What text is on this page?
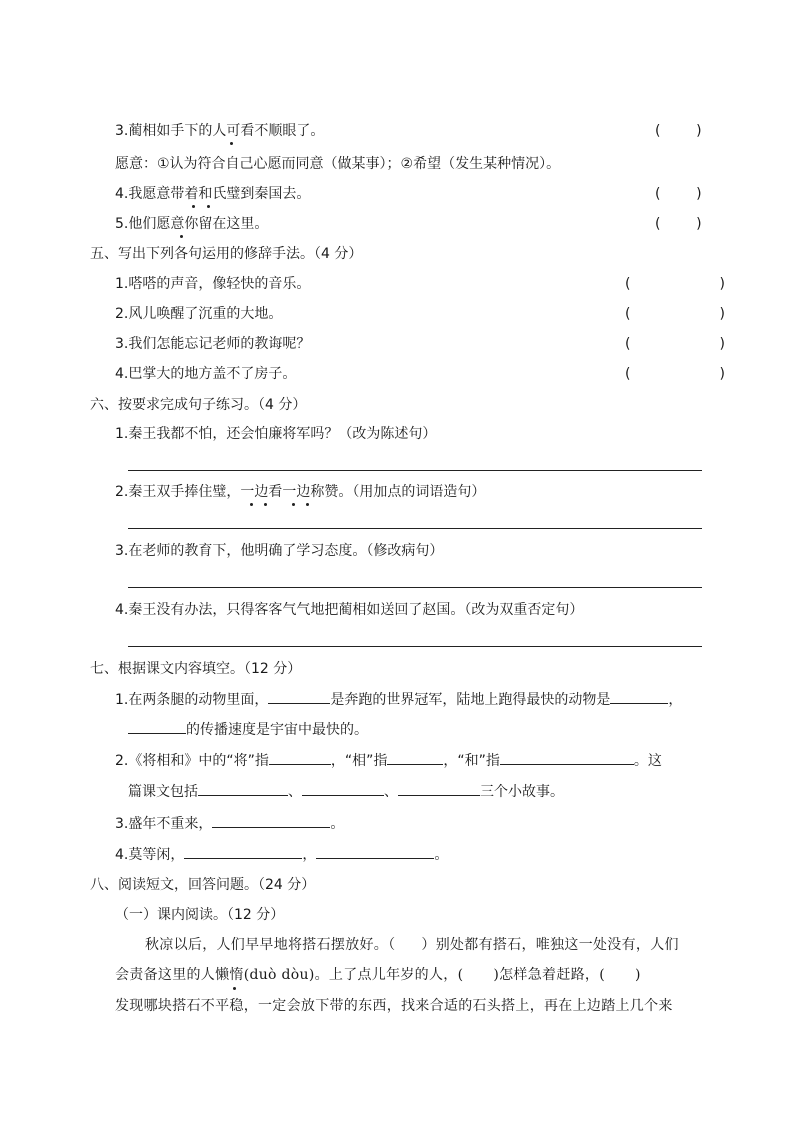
3.蔺相如手下的人可看不顺眼了。	(        )
愿意：①认为符合自己心愿而同意（做某事）；②希望（发生某种情况）。
4.我愿意带着和氏璧到秦国去。	(        )
5.他们愿意你留在这里。	(        )
五、写出下列各句运用的修辞手法。（4 分）
1.嗒嗒的声音，像轻快的音乐。	(                    )
2.风儿唤醒了沉重的大地。	(                    )
3.我们怎能忘记老师的教诲呢？	(                    )
4.巴掌大的地方盖不了房子。	(                    )
六、按要求完成句子练习。（4 分）
1.秦王我都不怕，还会怕廉将军吗？（改为陈述句）
2.秦王双手捧住璧，一边看一边称赞。（用加点的词语造句）
3.在老师的教育下，他明确了学习态度。（修改病句）
4.秦王没有办法，只得客客气气地把蔺相如送回了赵国。（改为双重否定句）
七、根据课文内容填空。（12 分）
1.在两条腿的动物里面，	是奔跑的世界冠军，陆地上跑得最快的动物是	，
的传播速度是宇宙中最快的。
2.《将相和》中的“将”指	，“相”指	，“和”指	。这
篇课文包括	、	、	三个小故事。
3.盛年不重来，	。
4.莫等闲，	，	。
八、阅读短文，回答问题。（24 分）
（一）课内阅读。（12 分）
秋凉以后，人们早早地将搭石摆放好。（ ）别处都有搭石，唯独这一处没有，人们
会责备这里的人懒惰(duò dòu)。上了点儿年岁的人，( )怎样急着赶路，( )
发现哪块搭石不平稳，一定会放下带的东西，找来合适的石头搭上，再在上边踏上几个来
